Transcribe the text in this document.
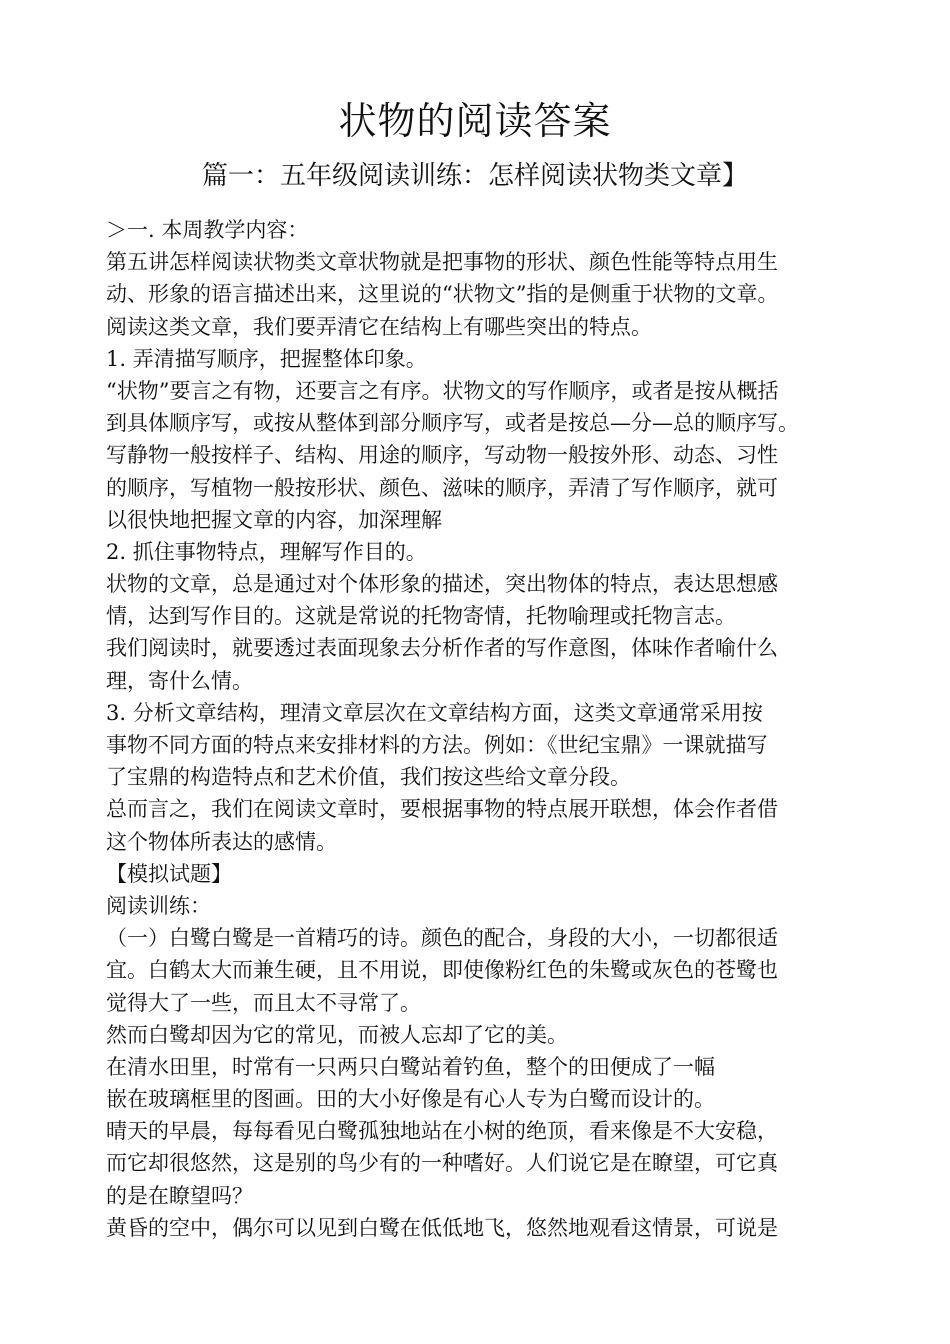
状物的阅读答案
篇一：五年级阅读训练：怎样阅读状物类文章】
＞一. 本周教学内容：
第五讲怎样阅读状物类文章状物就是把事物的形状、颜色性能等特点用生
动、形象的语言描述出来，这里说的“状物文”指的是侧重于状物的文章。
阅读这类文章，我们要弄清它在结构上有哪些突出的特点。
1. 弄清描写顺序，把握整体印象。
“状物”要言之有物，还要言之有序。状物文的写作顺序，或者是按从概括
到具体顺序写，或按从整体到部分顺序写，或者是按总—分—总的顺序写。
写静物一般按样子、结构、用途的顺序，写动物一般按外形、动态、习性
的顺序，写植物一般按形状、颜色、滋味的顺序，弄清了写作顺序，就可
以很快地把握文章的内容，加深理解
2. 抓住事物特点，理解写作目的。
状物的文章，总是通过对个体形象的描述，突出物体的特点，表达思想感
情，达到写作目的。这就是常说的托物寄情，托物喻理或托物言志。
我们阅读时，就要透过表面现象去分析作者的写作意图，体味作者喻什么
理，寄什么情。
3. 分析文章结构，理清文章层次在文章结构方面，这类文章通常采用按
事物不同方面的特点来安排材料的方法。例如：《世纪宝鼎》一课就描写
了宝鼎的构造特点和艺术价值，我们按这些给文章分段。
总而言之，我们在阅读文章时，要根据事物的特点展开联想，体会作者借
这个物体所表达的感情。
【模拟试题】
阅读训练：
（一）白鹭白鹭是一首精巧的诗。颜色的配合，身段的大小，一切都很适
宜。白鹤太大而兼生硬，且不用说，即使像粉红色的朱鹭或灰色的苍鹭也
觉得大了一些，而且太不寻常了。
然而白鹭却因为它的常见，而被人忘却了它的美。
在清水田里，时常有一只两只白鹭站着钓鱼，整个的田便成了一幅
嵌在玻璃框里的图画。田的大小好像是有心人专为白鹭而设计的。
晴天的早晨，每每看见白鹭孤独地站在小树的绝顶，看来像是不大安稳，
而它却很悠然，这是别的鸟少有的一种嗜好。人们说它是在瞭望，可它真
的是在瞭望吗？
黄昏的空中，偶尔可以见到白鹭在低低地飞，悠然地观看这情景，可说是
